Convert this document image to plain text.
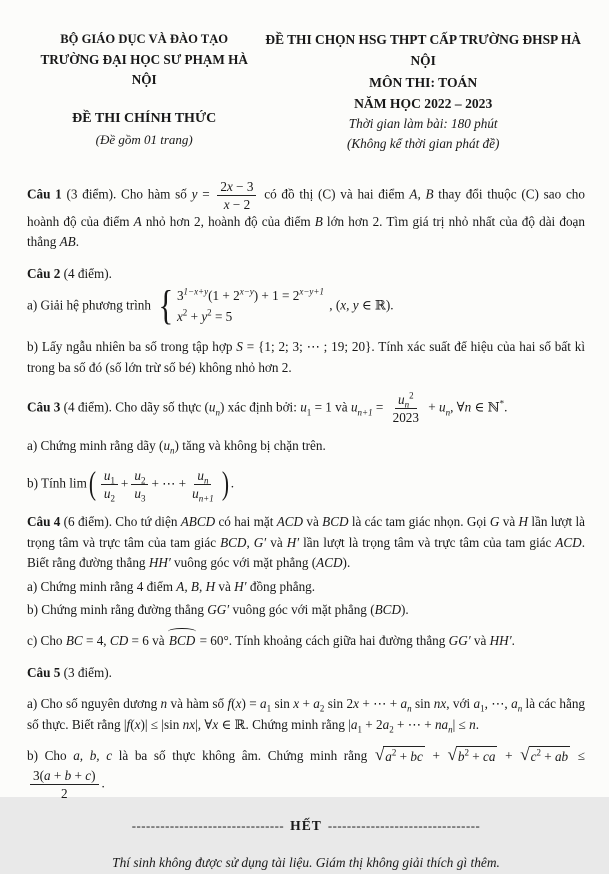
BỘ GIÁO DỤC VÀ ĐÀO TẠO
TRƯỜNG ĐẠI HỌC SƯ PHẠM HÀ NỘI
ĐỀ THI CHÍNH THỨC
(Đề gồm 01 trang)
ĐỀ THI CHỌN HSG THPT CẤP TRƯỜNG ĐHSP HÀ NỘI
MÔN THI: TOÁN
NĂM HỌC 2022 – 2023
Thời gian làm bài: 180 phút
(Không kể thời gian phát đề)

Câu 1 (3 điểm). Cho hàm số $y = \frac{2x - 3}{x - 2}$ có đồ thị (C) và hai điểm A, B thay đổi thuộc (C) sao cho hoành độ của điểm A nhỏ hơn 2, hoành độ của điểm B lớn hơn 2. Tìm giá trị nhỏ nhất của độ dài đoạn thẳng AB.

Câu 2 (4 điểm).

a) Giải hệ phương trình { $3^{1-x+y}(1 + 2^{x-y}) + 1 = 2^{x-y+1}$
$x^2 + y^2 = 5$
, (x, y ∈ ℝ).

b) Lấy ngẫu nhiên ba số trong tập hợp S = {1; 2; 3; ⋯ ; 19; 20}. Tính xác suất để hiệu của hai số bất kì trong ba số đó (số lớn trừ số bé) không nhỏ hơn 2.

Câu 3 (4 điểm). Cho dãy số thực $(u_n)$ xác định bởi: $u_1 = 1$ và $u_{n+1} = \frac{u_n^2}{2023} + u_n$, ∀n ∈ ℕ*.

a) Chứng minh rằng dãy $(u_n)$ tăng và không bị chặn trên.

b) Tính lim ( $\frac{u_1}{u_2} + \frac{u_2}{u_3}$ + ⋯ + $\frac{u_n}{u_{n+1}}$ ) .

Câu 4 (6 điểm). Cho tứ diện ABCD có hai mặt ACD và BCD là các tam giác nhọn. Gọi G và H lần lượt là trọng tâm và trực tâm của tam giác BCD, G′ và H′ lần lượt là trọng tâm và trực tâm của tam giác ACD. Biết rằng đường thẳng HH′ vuông góc với mặt phẳng (ACD).

a) Chứng minh rằng 4 điểm A, B, H và H′ đồng phẳng.

b) Chứng minh rằng đường thẳng GG′ vuông góc với mặt phẳng (BCD).

c) Cho BC = 4, CD = 6 và BCD = 60°. Tính khoảng cách giữa hai đường thẳng GG′ và HH′.

Câu 5 (3 điểm).

a) Cho số nguyên dương n và hàm số $f(x) = a_1$ $\sin x + a_2$ sin 2x + ⋯ + $a_n$ sin nx, với $a_1$, ⋯, $a_n$ là các hằng số thực. Biết rằng |f(x)| ≤ |sin nx|, ∀x ∈ ℝ. Chứng minh rằng $|a_1 + 2a_2$ + ⋯ + $na_n| \le n$.

b) Cho a, b, c là ba số thực không âm. Chứng minh rằng √ $a^2$ + bc + √ $b^2$ + ca + √ $c^2$ + ab ≤
$\frac{3(a + b + c)}{2}$ .

-------------------------------- HẾT --------------------------------
Thí sinh không được sử dụng tài liệu. Giám thị không giải thích gì thêm.
